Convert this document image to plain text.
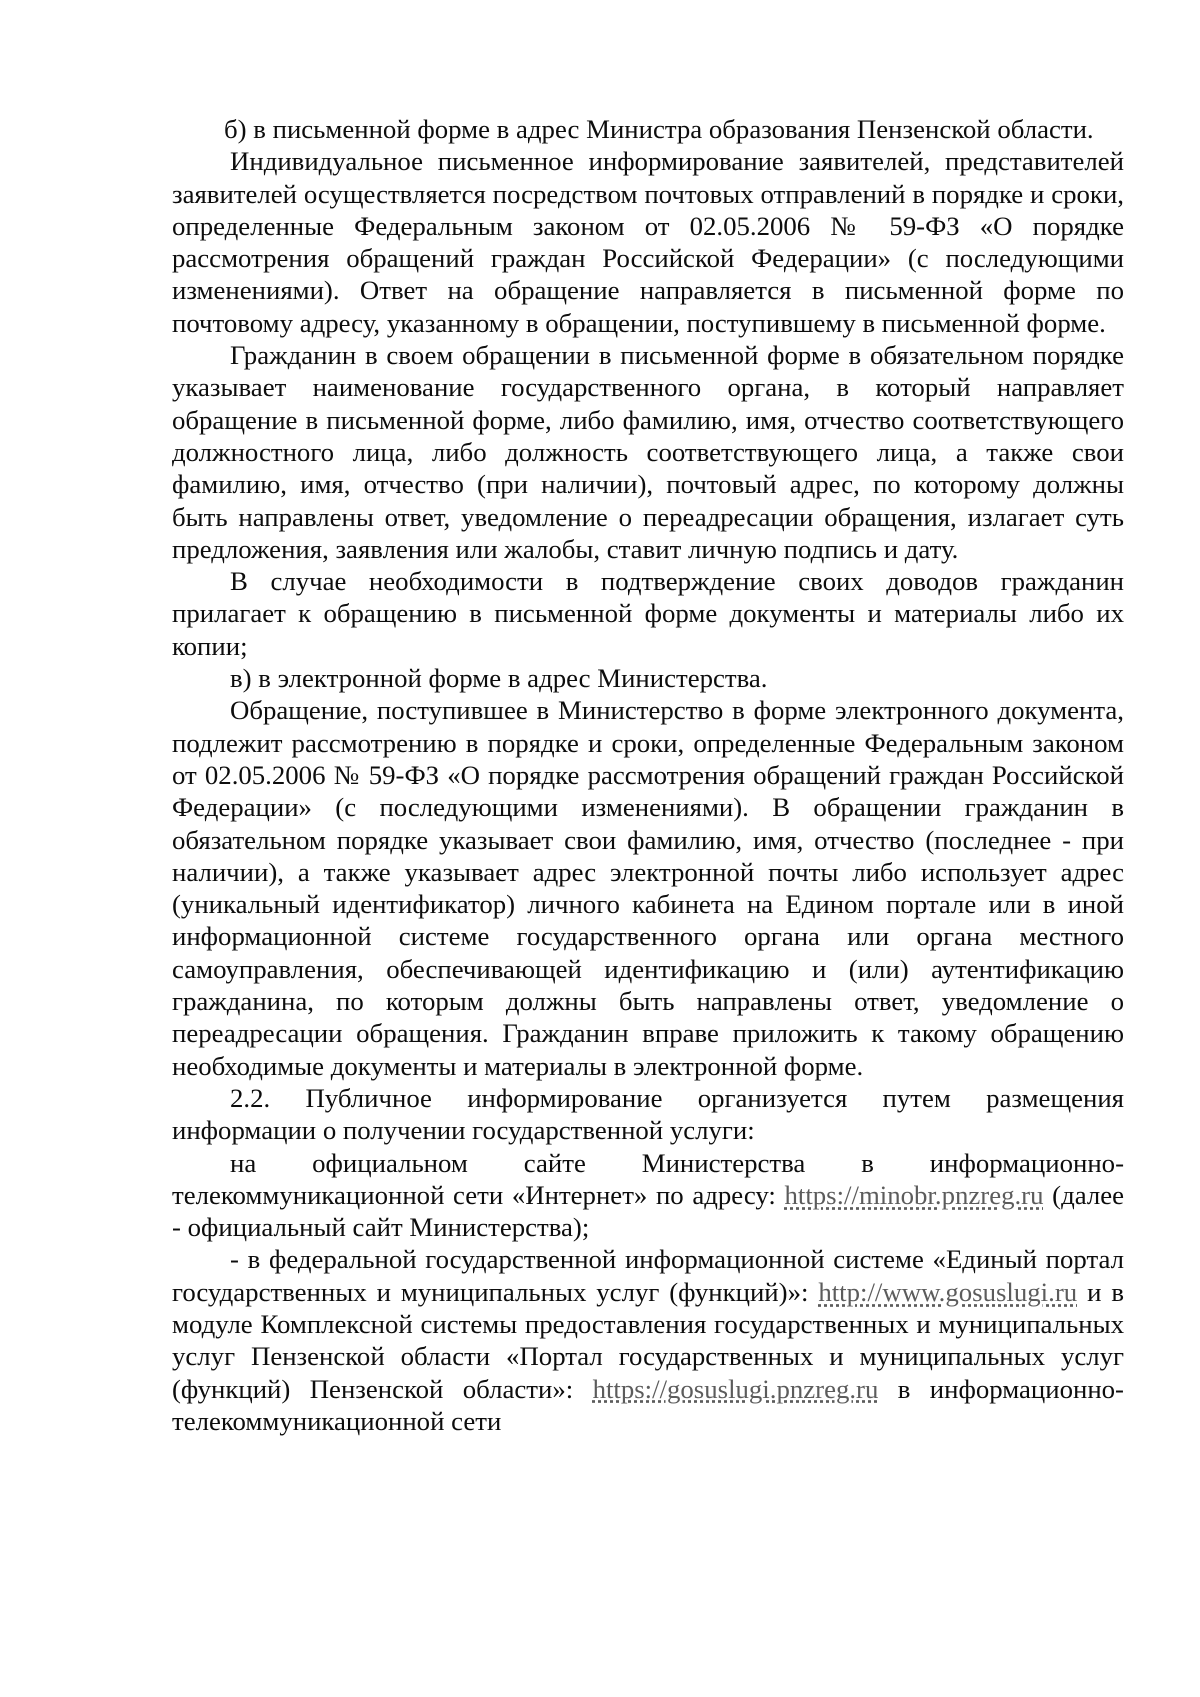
б) в письменной форме в адрес Министра образования Пензенской области.

Индивидуальное письменное информирование заявителей, представителей заявителей осуществляется посредством почтовых отправлений в порядке и сроки, определенные Федеральным законом от 02.05.2006 № 59-ФЗ «О порядке рассмотрения обращений граждан Российской Федерации» (с последующими изменениями). Ответ на обращение направляется в письменной форме по почтовому адресу, указанному в обращении, поступившему в письменной форме.

Гражданин в своем обращении в письменной форме в обязательном порядке указывает наименование государственного органа, в который направляет обращение в письменной форме, либо фамилию, имя, отчество соответствующего должностного лица, либо должность соответствующего лица, а также свои фамилию, имя, отчество (при наличии), почтовый адрес, по которому должны быть направлены ответ, уведомление о переадресации обращения, излагает суть предложения, заявления или жалобы, ставит личную подпись и дату.

В случае необходимости в подтверждение своих доводов гражданин прилагает к обращению в письменной форме документы и материалы либо их копии;

в) в электронной форме в адрес Министерства.

Обращение, поступившее в Министерство в форме электронного документа, подлежит рассмотрению в порядке и сроки, определенные Федеральным законом от 02.05.2006 № 59-ФЗ «О порядке рассмотрения обращений граждан Российской Федерации» (с последующими изменениями). В обращении гражданин в обязательном порядке указывает свои фамилию, имя, отчество (последнее - при наличии), а также указывает адрес электронной почты либо использует адрес (уникальный идентификатор) личного кабинета на Едином портале или в иной информационной системе государственного органа или органа местного самоуправления, обеспечивающей идентификацию и (или) аутентификацию гражданина, по которым должны быть направлены ответ, уведомление о переадресации обращения. Гражданин вправе приложить к такому обращению необходимые документы и материалы в электронной форме.

2.2. Публичное информирование организуется путем размещения информации о получении государственной услуги:

на официальном сайте Министерства в информационно-телекоммуникационной сети «Интернет» по адресу: https://minobr.pnzreg.ru (далее - официальный сайт Министерства);

- в федеральной государственной информационной системе «Единый портал государственных и муниципальных услуг (функций)»: http://www.gosuslugi.ru и в модуле Комплексной системы предоставления государственных и муниципальных услуг Пензенской области «Портал государственных и муниципальных услуг (функций) Пензенской области»: https://gosuslugi.pnzreg.ru в информационно-телекоммуникационной сети
